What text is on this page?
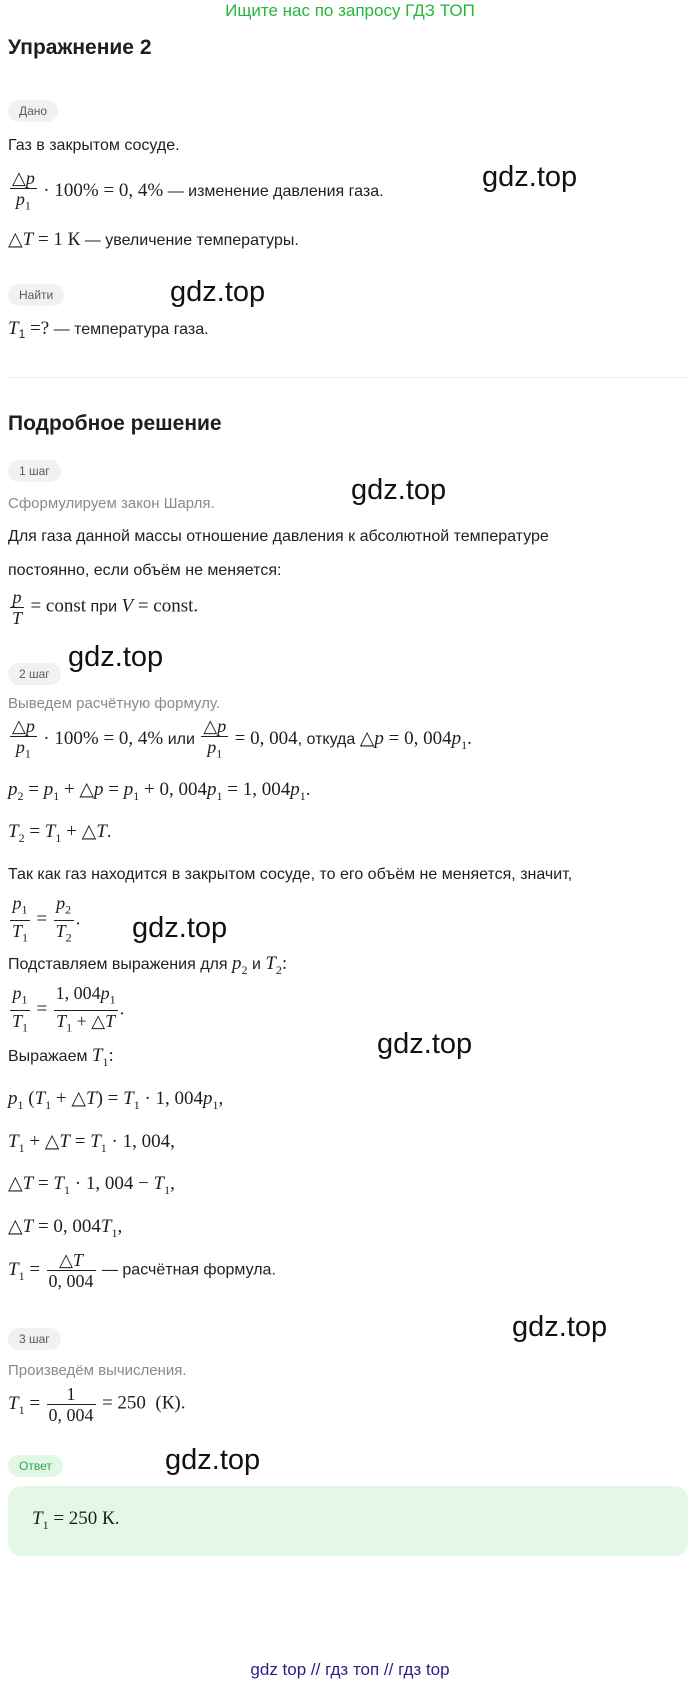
Ищите нас по запросу ГДЗ ТОП
Упражнение 2
Дано
Газ в закрытом сосуде.
$\frac{\triangle p}{p_1} \cdot 100\% = 0$, 4% — изменение давления газа.
△T = 1 К — увеличение температуры.
Найти
$T_1$ =? — температура газа.
Подробное решение
1 шаг
Сформулируем закон Шарля.
Для газа данной массы отношение давления к абсолютной температуре
постоянно, если объём не меняется:
$\frac{p}{T}$ = const при V = const.
2 шаг
Выведем расчётную формулу.
$\frac{\triangle p}{p_1} \cdot 100\% = 0$, 4% или $\frac{\triangle p}{p_1} = 0$, 004, откуда △p = 0, $004p_1$.
$p_2 = p_1$ + △p = $p_1 + 0$, $004p_1 = 1$, $004p_1$.
$T_2 = T_1$ + △T.
Так как газ находится в закрытом сосуде, то его объём не меняется, значит,
$\frac{p_1}{T_1} = \frac{p_2}{T_2}$ .
Подставляем выражения для $p_2$ и $T_2$:
$\frac{p_1}{T_1} = \frac{1, 004p_1}{T_1 + \triangle T}$ .
Выражаем $T_1$:
$p_1$ ($T_1$ + △T) = $T_1 \cdot 1$, $004p_1$,
$T_1$ + △T = $T_1 \cdot 1$, 004,
△T = $T_1 \cdot 1$, $004 - T_1$,
△T = 0, $004T_1$,
$T_1 = \frac{\triangle T}{0, 004}$ — расчётная формула.
3 шаг
Произведём вычисления.
$T_1 = \frac{1}{0, 004} = 250$  (К).
Ответ
$T_1 = 250$ К.
gdz.top
gdz.top
gdz.top
gdz.top
gdz.top
gdz.top
gdz.top
gdz.top
gdz top // гдз топ // гдз top
